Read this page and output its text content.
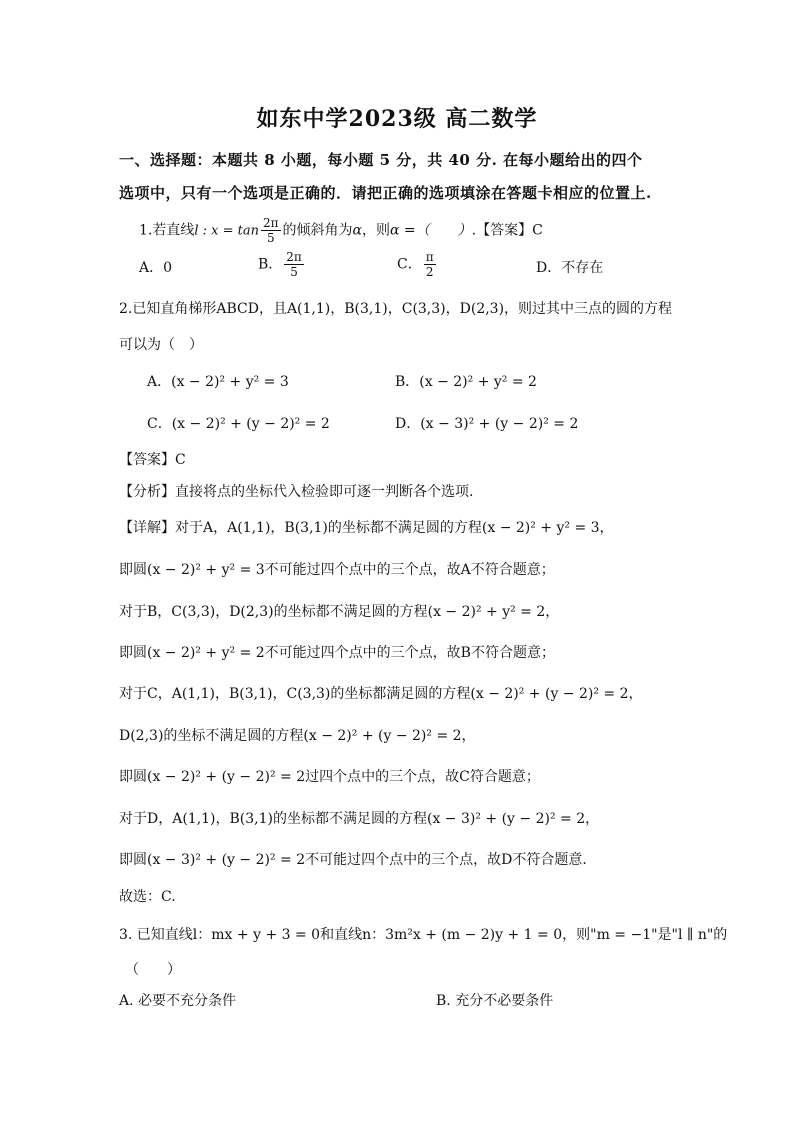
如东中学2023级 高二数学
一、选择题：本题共 8 小题，每小题 5 分，共 40 分. 在每小题给出的四个
选项中，只有一个选项是正确的．请把正确的选项填涂在答题卡相应的位置上.
1.若直线l : $x = \tan \frac{2\pi}{5}$ 的倾斜角为α，则α =（　　）.【答案】C
A．0	B． $\frac{2\pi}{5}$	C． $\frac{\pi}{2}$	D．不存在
2.已知直角梯形ABCD，且A(1,1)，B(3,1)，C(3,3)，D(2,3)，则过其中三点的圆的方程
可以为（　）
A．(x − 2)² + y² = 3	B．(x − 2)² + y² = 2
C．(x − 2)² + (y − 2)² = 2	D．(x − 3)² + (y − 2)² = 2
【答案】C
【分析】直接将点的坐标代入检验即可逐一判断各个选项.
【详解】对于A，A(1,1)，B(3,1)的坐标都不满足圆的方程(x − 2)² + y² = 3，
即圆(x − 2)² + y² = 3不可能过四个点中的三个点，故A不符合题意；
对于B，C(3,3)，D(2,3)的坐标都不满足圆的方程(x − 2)² + y² = 2，
即圆(x − 2)² + y² = 2不可能过四个点中的三个点，故B不符合题意；
对于C，A(1,1)，B(3,1)，C(3,3)的坐标都满足圆的方程(x − 2)² + (y − 2)² = 2，
D(2,3)的坐标不满足圆的方程(x − 2)² + (y − 2)² = 2，
即圆(x − 2)² + (y − 2)² = 2过四个点中的三个点，故C符合题意；
对于D，A(1,1)，B(3,1)的坐标都不满足圆的方程(x − 3)² + (y − 2)² = 2，
即圆(x − 3)² + (y − 2)² = 2不可能过四个点中的三个点，故D不符合题意.
故选：C.
3. 已知直线l：mx + y + 3 = 0和直线n：3m²x + (m − 2)y + 1 = 0，则"m = −1"是"l ∥ n"的
（　　）
A. 必要不充分条件	B. 充分不必要条件
